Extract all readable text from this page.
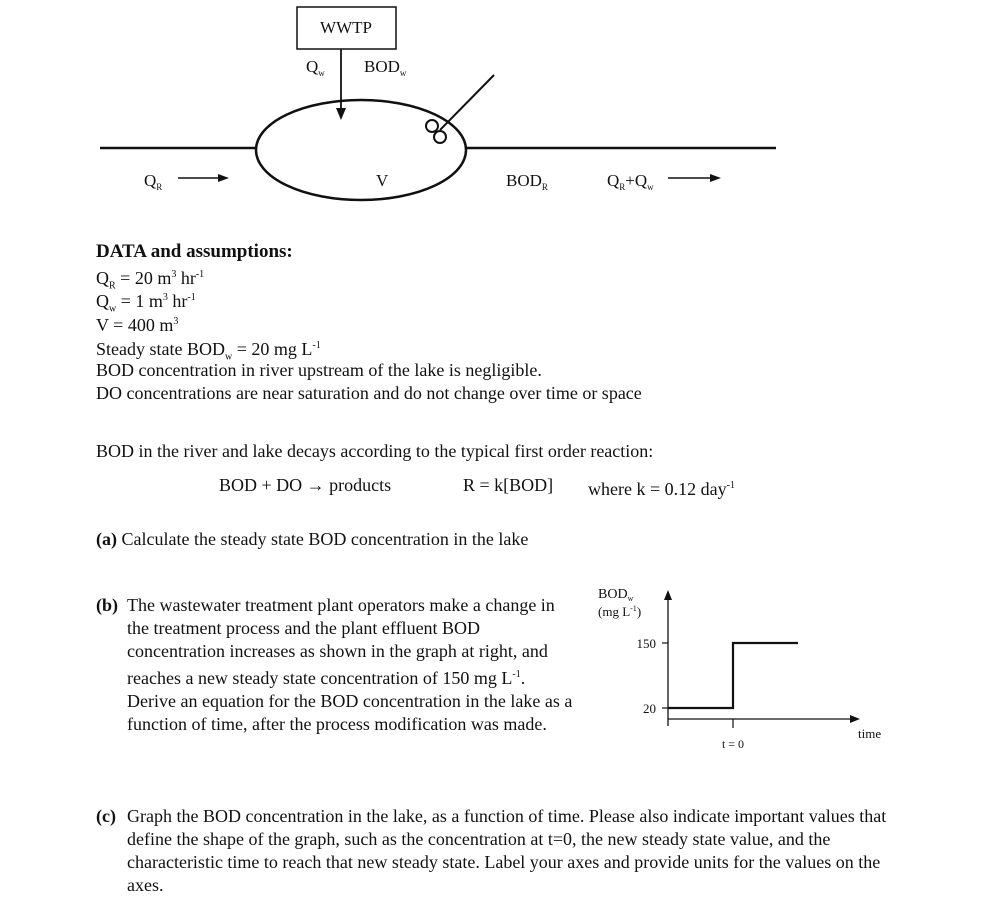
WWTP
$Q_w$ $BOD_w$
$Q_R$	V	$BOD_R$	$Q_R+Q_w$
DATA and assumptions:
$Q_R = 20$ $m^3$ $hr^{-1}$
$Q_w = 1$ $m^3$ $hr^{-1}$
V = 400 $m^3$
Steady state $BOD_w = 20$ mg $L^{-1}$
BOD concentration in river upstream of the lake is negligible.
DO concentrations are near saturation and do not change over time or space
BOD in the river and lake decays according to the typical first order reaction:
BOD + DO → products	R = k[BOD] where k = 0.12 day$^{-1}$
(a) Calculate the steady state BOD concentration in the lake
(b) The wastewater treatment plant operators make a change in the treatment process and the plant effluent BOD concentration increases as shown in the graph at right, and reaches a new steady state concentration of 150 mg $L^{-1}$. Derive an equation for the BOD concentration in the lake as a function of time, after the process modification was made.
$BOD_w$
(mg $L^{-1}$)
150
20
t = 0
time
(c) Graph the BOD concentration in the lake, as a function of time. Please also indicate important values that define the shape of the graph, such as the concentration at t=0, the new steady state value, and the characteristic time to reach that new steady state. Label your axes and provide units for the values on the axes.
